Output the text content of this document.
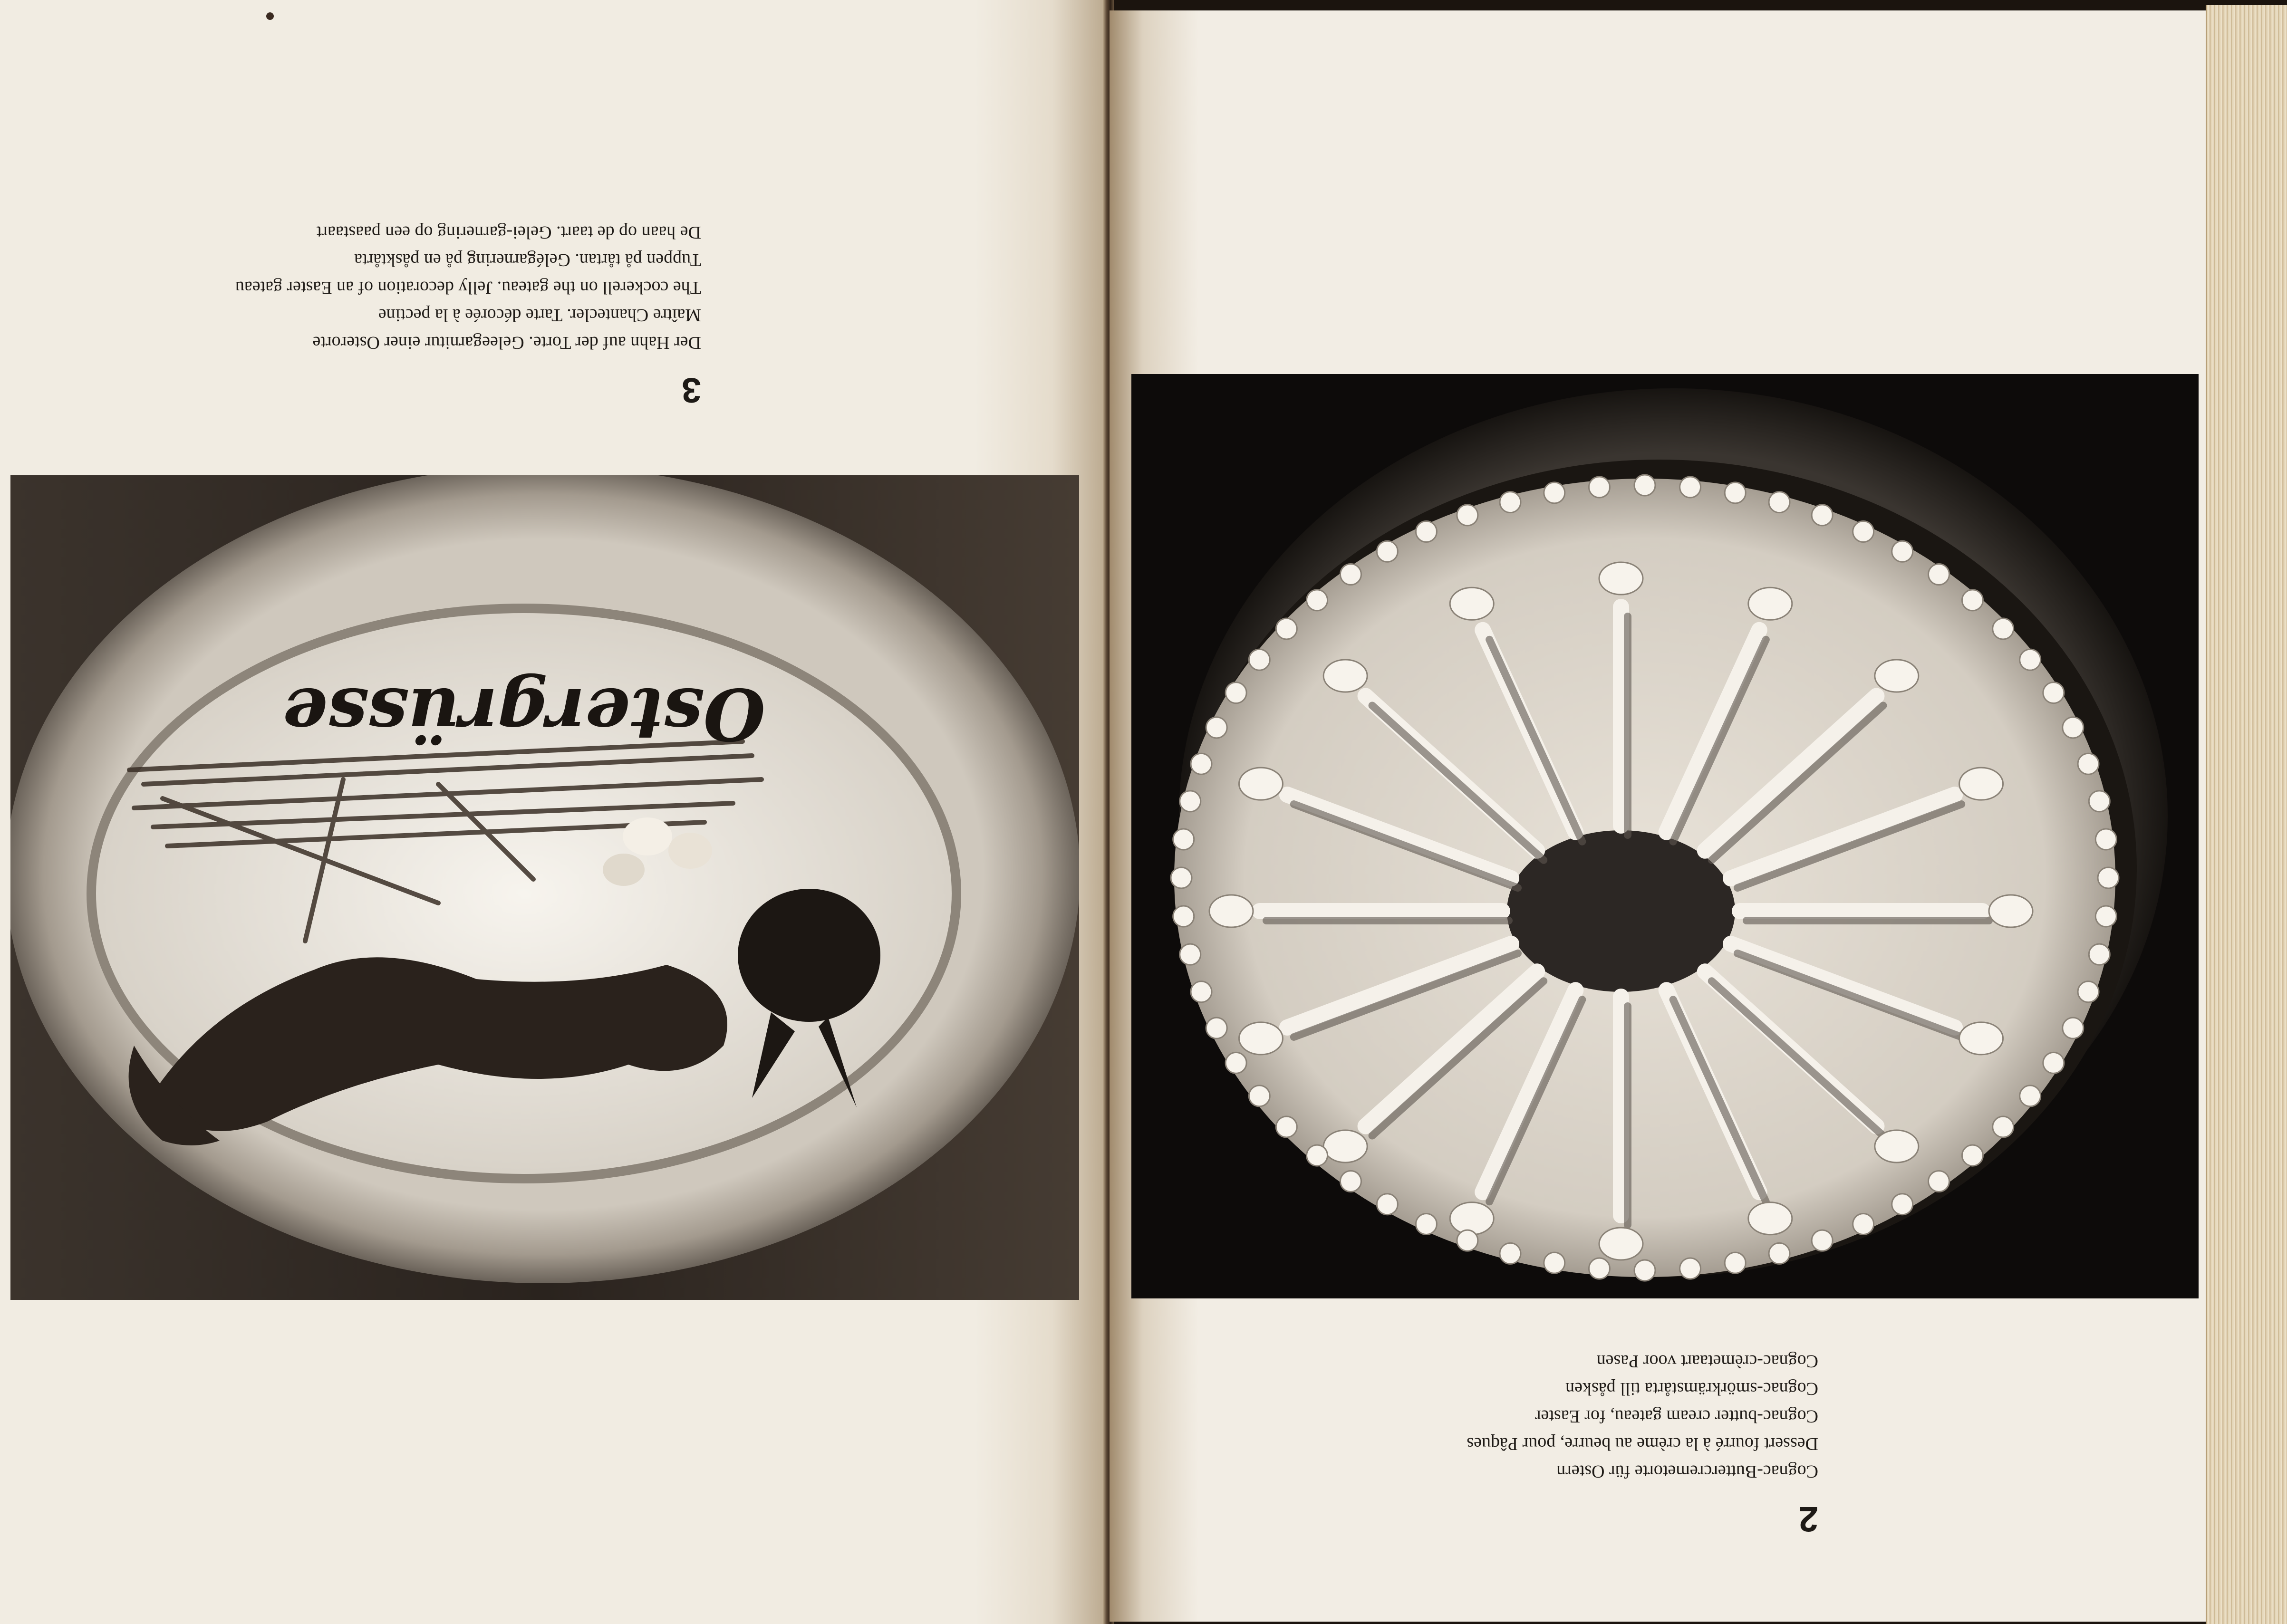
3
Der Hahn auf der Torte. Geleegarnitur einer Osterorte
Maître Chantecler. Tarte décorée à la pectine
The cockerell on the gateau. Jelly decoration of an Easter gateau
Tuppen på tårtan. Gelégarnering på en påsktårta
De haan op de taart. Gelei-garnering op een paastaart
Ostergrüsse
2
Cognac-Buttercremetorte für Ostern
Dessert fourré à la crème au beurre, pour Pâques
Cognac-butter cream gateau, for Easter
Cognac-smörkrämstårta till påsken
Cognac-crèmetaart voor Pasen
